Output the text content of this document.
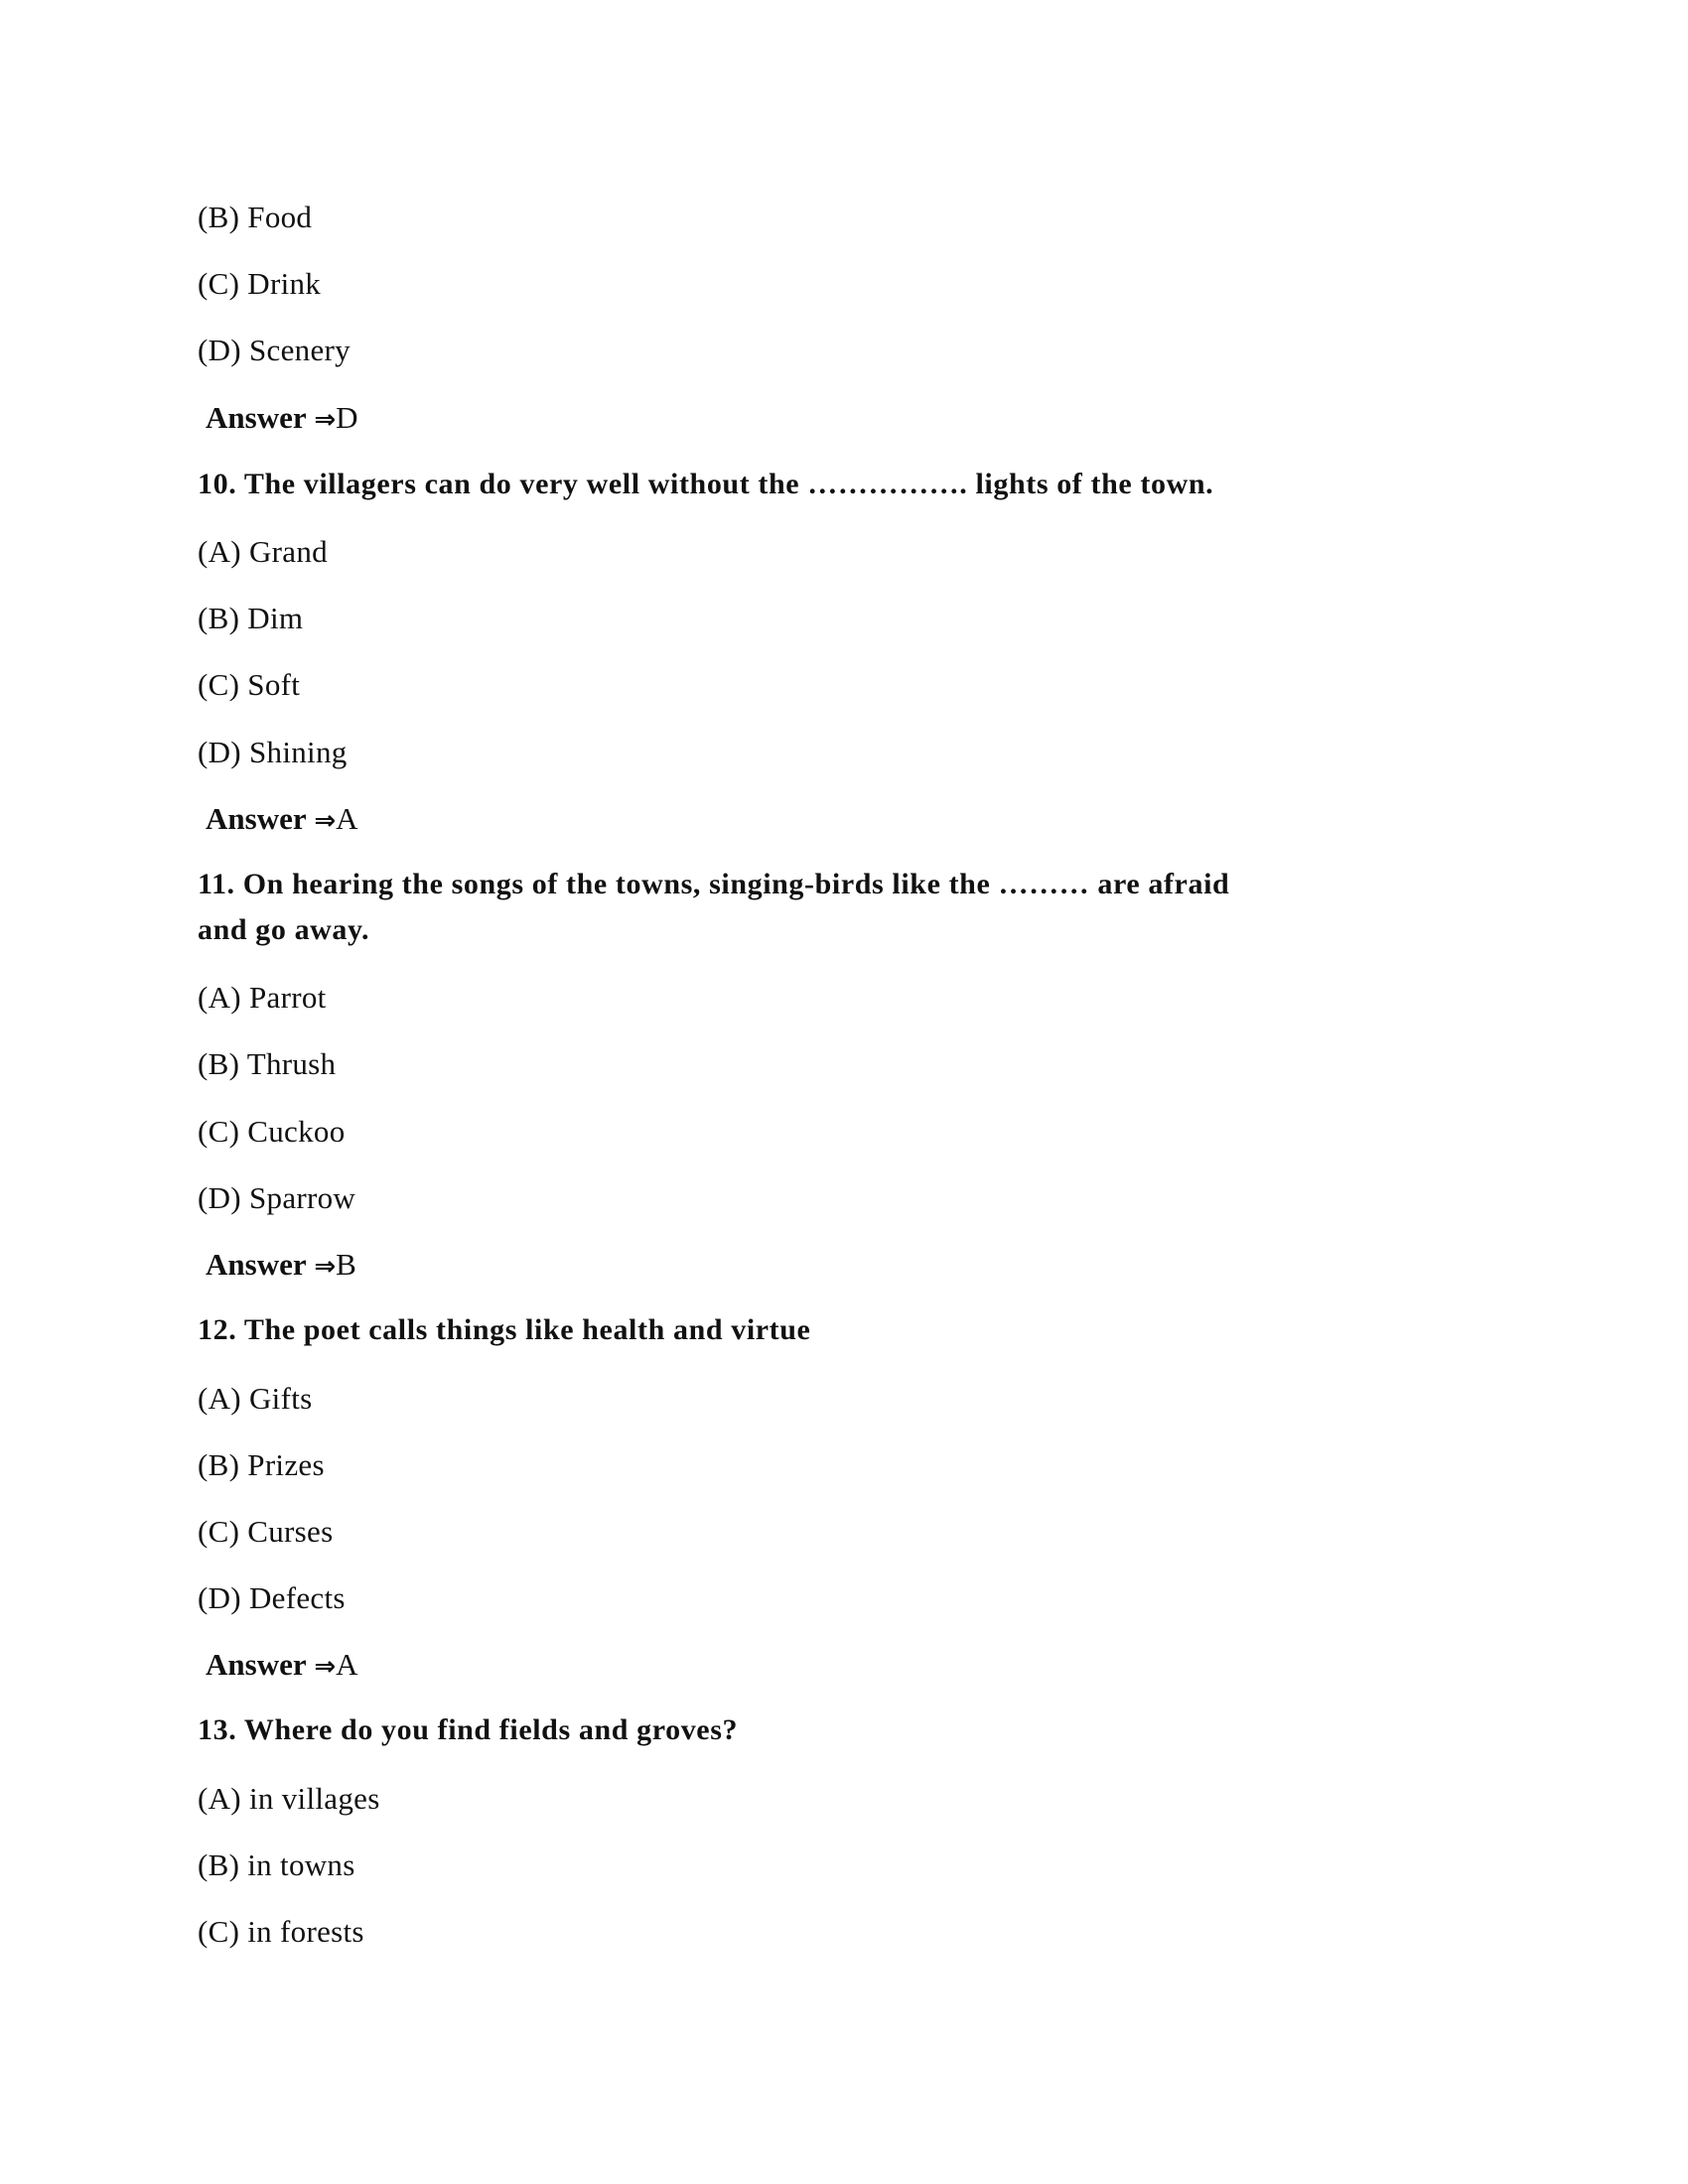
(B) Food
(C) Drink
(D) Scenery
Answer ⇒D
10. The villagers can do very well without the ……………. lights of the town.
(A) Grand
(B) Dim
(C) Soft
(D) Shining
Answer ⇒A
11. On hearing the songs of the towns, singing-birds like the ……… are afraid
and go away.
(A) Parrot
(B) Thrush
(C) Cuckoo
(D) Sparrow
Answer ⇒B
12. The poet calls things like health and virtue
(A) Gifts
(B) Prizes
(C) Curses
(D) Defects
Answer ⇒A
13. Where do you find fields and groves?
(A) in villages
(B) in towns
(C) in forests
